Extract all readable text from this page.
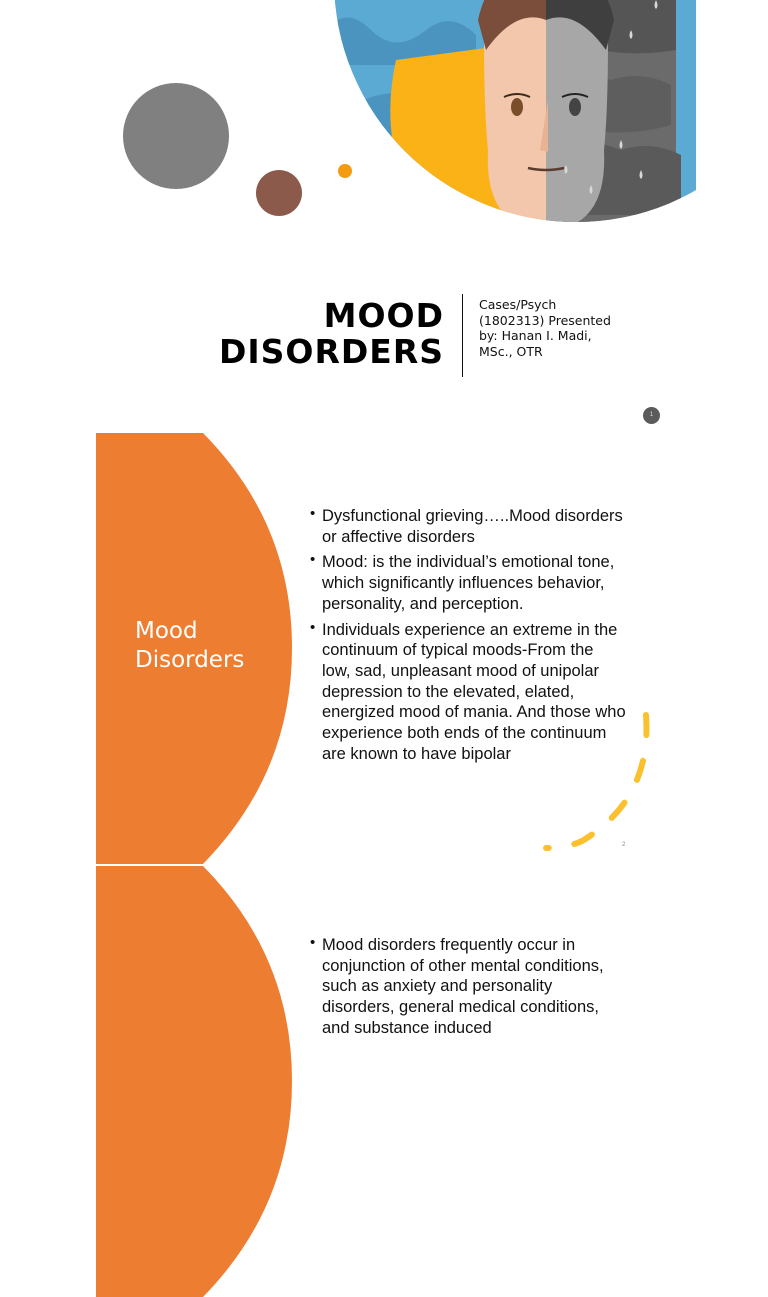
MOOD
DISORDERS
Cases/Psych (1802313) Presented by: Hanan I. Madi, MSc., OTR
1
Mood
Disorders
• Dysfunctional grieving…..Mood disorders or affective disorders
• Mood: is the individual’s emotional tone, which significantly influences behavior, personality, and perception.
• Individuals experience an extreme in the continuum of typical moods-From the low, sad, unpleasant mood of unipolar depression to the elevated, elated, energized mood of mania. And those who experience both ends of the continuum are known to have bipolar
2
• Mood disorders frequently occur in conjunction of other mental conditions, such as anxiety and personality disorders, general medical conditions, and substance induced
